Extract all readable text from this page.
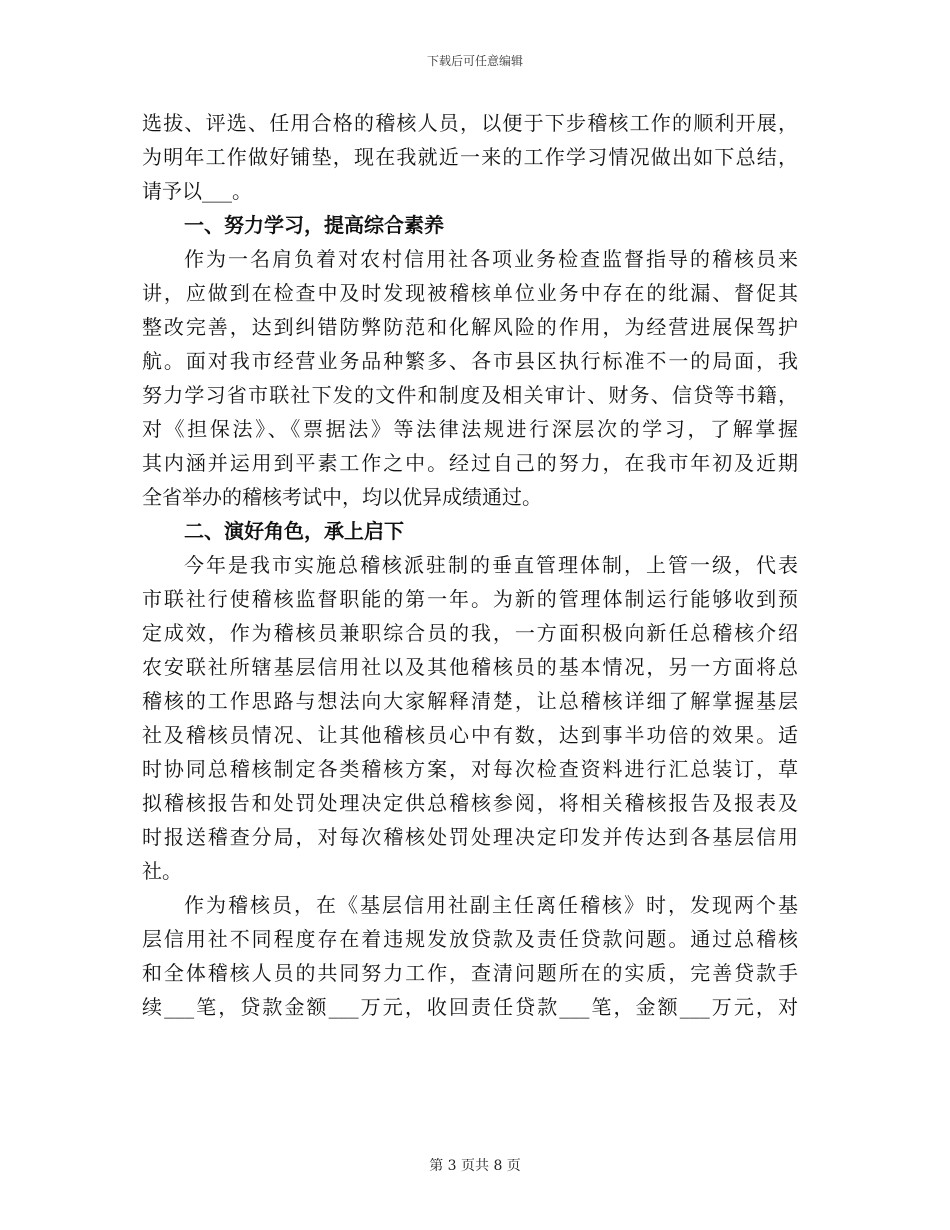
下载后可任意编辑
选拔、评选、任用合格的稽核人员，以便于下步稽核工作的顺利开展，
为明年工作做好铺垫，现在我就近一来的工作学习情况做出如下总结，
请予以___。
一、努力学习，提高综合素养
作为一名肩负着对农村信用社各项业务检查监督指导的稽核员来
讲，应做到在检查中及时发现被稽核单位业务中存在的纰漏、督促其
整改完善，达到纠错防弊防范和化解风险的作用，为经营进展保驾护
航。面对我市经营业务品种繁多、各市县区执行标准不一的局面，我
努力学习省市联社下发的文件和制度及相关审计、财务、信贷等书籍，
对《担保法》、《票据法》等法律法规进行深层次的学习，了解掌握
其内涵并运用到平素工作之中。经过自己的努力，在我市年初及近期
全省举办的稽核考试中，均以优异成绩通过。
二、演好角色，承上启下
今年是我市实施总稽核派驻制的垂直管理体制，上管一级，代表
市联社行使稽核监督职能的第一年。为新的管理体制运行能够收到预
定成效，作为稽核员兼职综合员的我，一方面积极向新任总稽核介绍
农安联社所辖基层信用社以及其他稽核员的基本情况，另一方面将总
稽核的工作思路与想法向大家解释清楚，让总稽核详细了解掌握基层
社及稽核员情况、让其他稽核员心中有数，达到事半功倍的效果。适
时协同总稽核制定各类稽核方案，对每次检查资料进行汇总装订，草
拟稽核报告和处罚处理决定供总稽核参阅，将相关稽核报告及报表及
时报送稽查分局，对每次稽核处罚处理决定印发并传达到各基层信用
社。
作为稽核员，在《基层信用社副主任离任稽核》时，发现两个基
层信用社不同程度存在着违规发放贷款及责任贷款问题。通过总稽核
和全体稽核人员的共同努力工作，查清问题所在的实质，完善贷款手
续___笔，贷款金额___万元，收回责任贷款___笔，金额___万元，对
第 3 页共 8 页
